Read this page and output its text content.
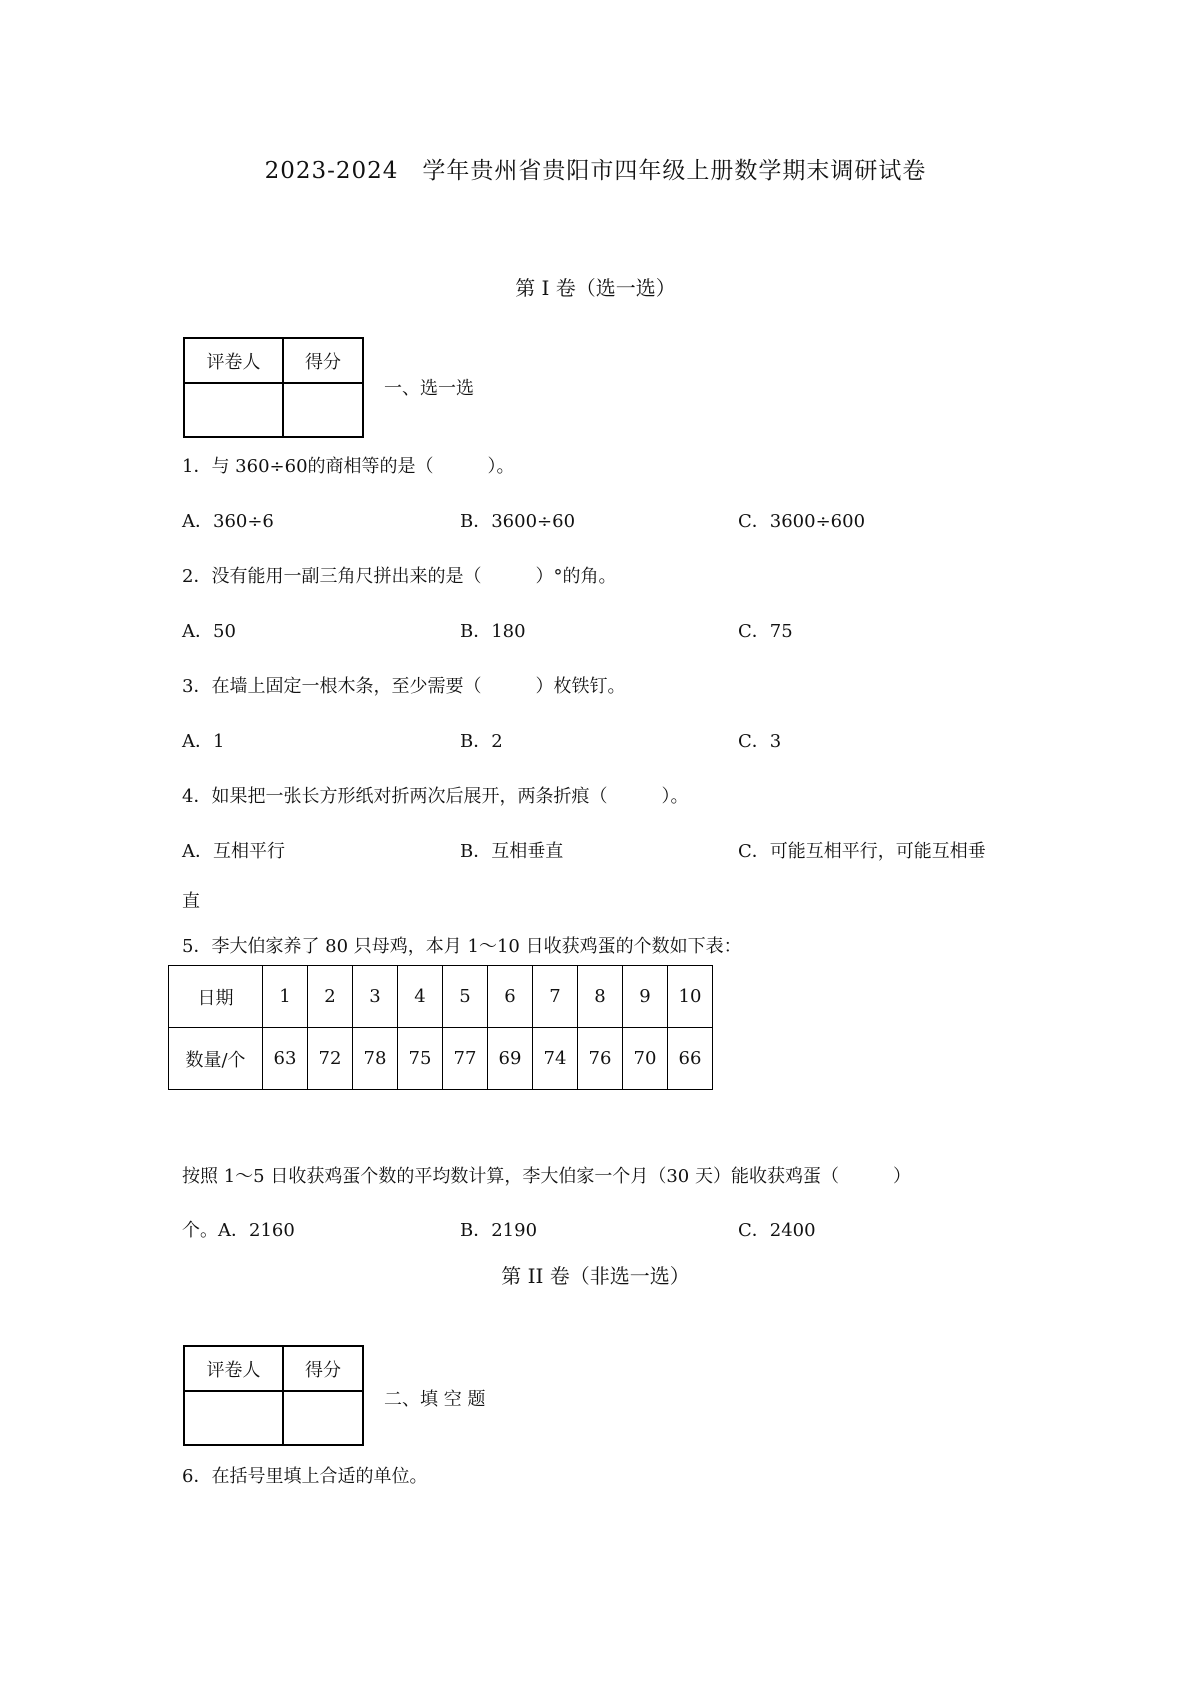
2023-2024　学年贵州省贵阳市四年级上册数学期末调研试卷
第 I 卷（选一选）
评卷人	得分

一、选一选
1．与 360÷60的商相等的是（　　　）。
A．360÷6	B．3600÷60	C．3600÷600
2．没有能用一副三角尺拼出来的是（　　　）°的角。
A．50	B．180	C．75
3．在墙上固定一根木条，至少需要（　　　）枚铁钉。
A．1	B．2	C．3
4．如果把一张长方形纸对折两次后展开，两条折痕（　　　）。
A．互相平行	B．互相垂直	C．可能互相平行，可能互相垂
直
5．李大伯家养了 80 只母鸡，本月 1～10 日收获鸡蛋的个数如下表：
日期	1	2	3	4	5	6	7	8	9	10
数量/个	63	72	78	75	77	69	74	76	70	66
按照 1～5 日收获鸡蛋个数的平均数计算，李大伯家一个月（30 天）能收获鸡蛋（　　　）
个。A．2160	B．2190	C．2400
第 II 卷（非选一选）
评卷人	得分

二、填 空 题
6．在括号里填上合适的单位。
